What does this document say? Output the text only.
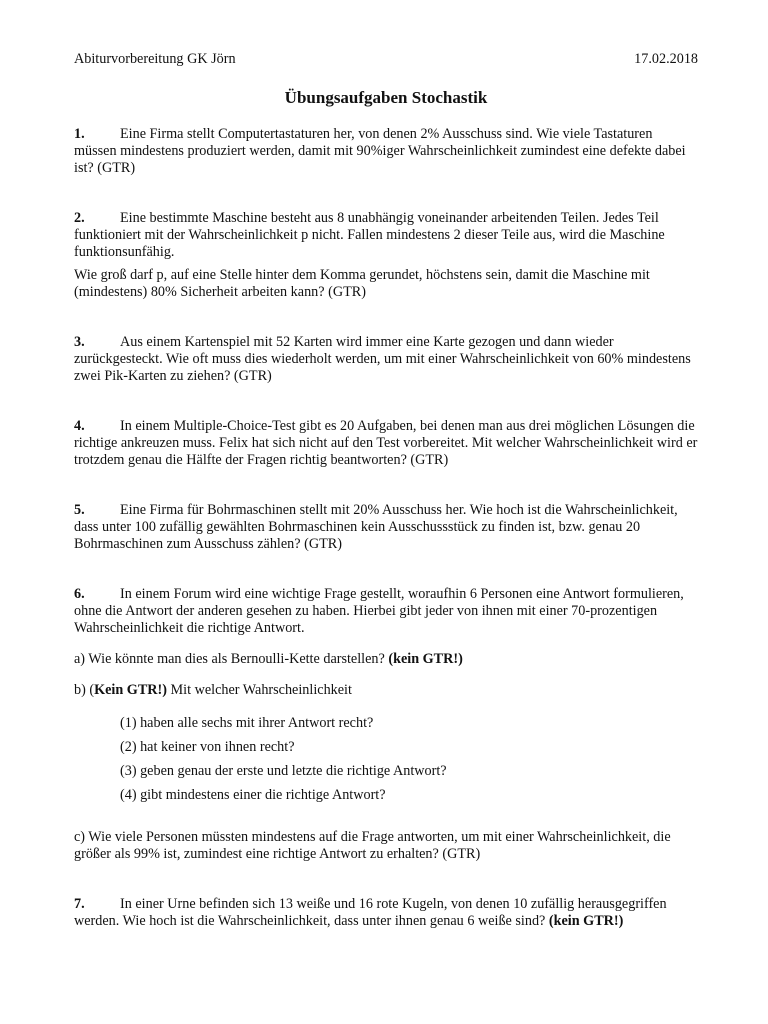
Abiturvorbereitung GK Jörn	17.02.2018
Übungsaufgaben Stochastik

1. Eine Firma stellt Computertastaturen her, von denen 2% Ausschuss sind. Wie viele Tastaturen müssen mindestens produziert werden, damit mit 90%iger Wahrscheinlichkeit zumindest eine defekte dabei ist? (GTR)

2. Eine bestimmte Maschine besteht aus 8 unabhängig voneinander arbeitenden Teilen. Jedes Teil funktioniert mit der Wahrscheinlichkeit p nicht. Fallen mindestens 2 dieser Teile aus, wird die Maschine funktionsunfähig.

Wie groß darf p, auf eine Stelle hinter dem Komma gerundet, höchstens sein, damit die Maschine mit (mindestens) 80% Sicherheit arbeiten kann? (GTR)

3. Aus einem Kartenspiel mit 52 Karten wird immer eine Karte gezogen und dann wieder zurückgesteckt. Wie oft muss dies wiederholt werden, um mit einer Wahrscheinlichkeit von 60% mindestens zwei Pik-Karten zu ziehen? (GTR)

4. In einem Multiple-Choice-Test gibt es 20 Aufgaben, bei denen man aus drei möglichen Lösungen die richtige ankreuzen muss. Felix hat sich nicht auf den Test vorbereitet. Mit welcher Wahrscheinlichkeit wird er trotzdem genau die Hälfte der Fragen richtig beantworten? (GTR)

5. Eine Firma für Bohrmaschinen stellt mit 20% Ausschuss her. Wie hoch ist die Wahrscheinlichkeit, dass unter 100 zufällig gewählten Bohrmaschinen kein Ausschussstück zu finden ist, bzw. genau 20 Bohrmaschinen zum Ausschuss zählen? (GTR)

6. In einem Forum wird eine wichtige Frage gestellt, woraufhin 6 Personen eine Antwort formulieren, ohne die Antwort der anderen gesehen zu haben. Hierbei gibt jeder von ihnen mit einer 70-prozentigen Wahrscheinlichkeit die richtige Antwort.

a) Wie könnte man dies als Bernoulli-Kette darstellen? (kein GTR!)

b) (Kein GTR!) Mit welcher Wahrscheinlichkeit

(1) haben alle sechs mit ihrer Antwort recht?

(2) hat keiner von ihnen recht?

(3) geben genau der erste und letzte die richtige Antwort?

(4) gibt mindestens einer die richtige Antwort?

c) Wie viele Personen müssten mindestens auf die Frage antworten, um mit einer Wahrscheinlichkeit, die größer als 99% ist, zumindest eine richtige Antwort zu erhalten? (GTR)

7. In einer Urne befinden sich 13 weiße und 16 rote Kugeln, von denen 10 zufällig herausgegriffen werden. Wie hoch ist die Wahrscheinlichkeit, dass unter ihnen genau 6 weiße sind? (kein GTR!)
